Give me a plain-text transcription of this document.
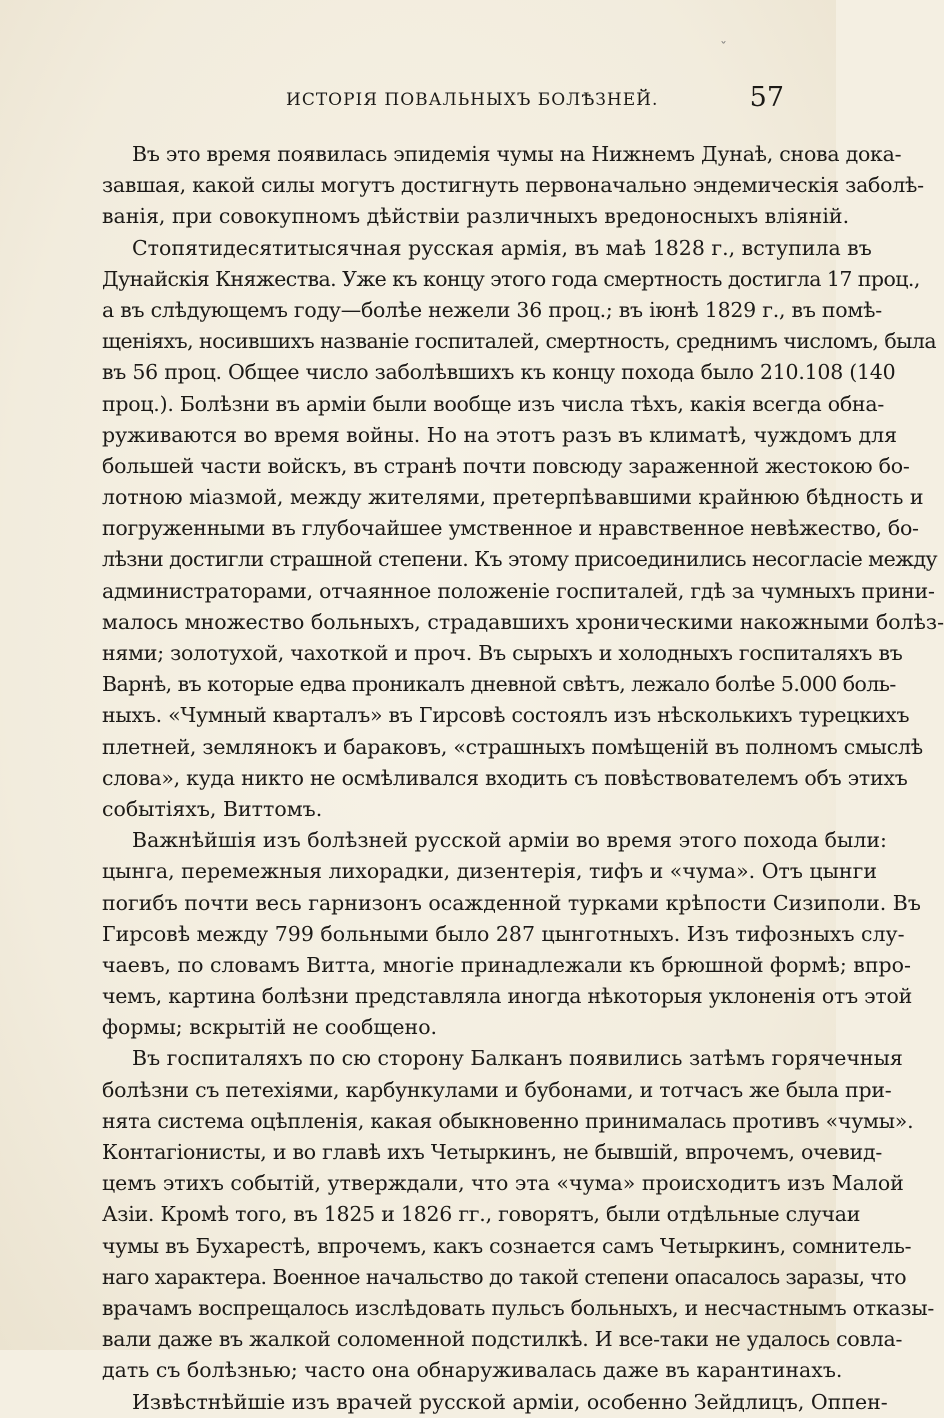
ИСТОРІЯ ПОВАЛЬНЫХЪ БОЛѢЗНЕЙ.	57
Въ это время появилась эпидемія чумы на Нижнемъ Дунаѣ, снова дока-
завшая, какой силы могутъ достигнуть первоначально эндемическія заболѣ-
ванія, при совокупномъ дѣйствіи различныхъ вредоносныхъ вліяній.
Стопятидесятитысячная русская армія, въ маѣ 1828 г., вступила въ
Дунайскія Княжества. Уже къ концу этого года смертность достигла 17 проц.,
а въ слѣдующемъ году—болѣе нежели 36 проц.; въ іюнѣ 1829 г., въ помѣ-
щеніяхъ, носившихъ названіе госпиталей, смертность, среднимъ числомъ, была
въ 56 проц. Общее число заболѣвшихъ къ концу похода было 210.108 (140
проц.). Болѣзни въ арміи были вообще изъ числа тѣхъ, какія всегда обна-
руживаются во время войны. Но на этотъ разъ въ климатѣ, чуждомъ для
большей части войскъ, въ странѣ почти повсюду зараженной жестокою бо-
лотною міазмой, между жителями, претерпѣвавшими крайнюю бѣдность и
погруженными въ глубочайшее умственное и нравственное невѣжество, бо-
лѣзни достигли страшной степени. Къ этому присоединились несогласіе между
администраторами, отчаянное положеніе госпиталей, гдѣ за чумныхъ прини-
малось множество больныхъ, страдавшихъ хроническими накожными болѣз-
нями; золотухой, чахоткой и проч. Въ сырыхъ и холодныхъ госпиталяхъ въ
Варнѣ, въ которые едва проникалъ дневной свѣтъ, лежало болѣе 5.000 боль-
ныхъ. «Чумный кварталъ» въ Гирсовѣ состоялъ изъ нѣсколькихъ турецкихъ
плетней, землянокъ и бараковъ, «страшныхъ помѣщеній въ полномъ смыслѣ
слова», куда никто не осмѣливался входить съ повѣствователемъ объ этихъ
событіяхъ, Виттомъ.
Важнѣйшія изъ болѣзней русской арміи во время этого похода были:
цынга, перемежныя лихорадки, дизентерія, тифъ и «чума». Отъ цынги
погибъ почти весь гарнизонъ осажденной турками крѣпости Сизиполи. Въ
Гирсовѣ между 799 больными было 287 цынготныхъ. Изъ тифозныхъ слу-
чаевъ, по словамъ Витта, многіе принадлежали къ брюшной формѣ; впро-
чемъ, картина болѣзни представляла иногда нѣкоторыя уклоненія отъ этой
формы; вскрытій не сообщено.
Въ госпиталяхъ по сю сторону Балканъ появились затѣмъ горячечныя
болѣзни съ петехіями, карбункулами и бубонами, и тотчасъ же была при-
нята система оцѣпленія, какая обыкновенно принималась противъ «чумы».
Контагіонисты, и во главѣ ихъ Четыркинъ, не бывшій, впрочемъ, очевид-
цемъ этихъ событій, утверждали, что эта «чума» происходитъ изъ Малой
Азіи. Кромѣ того, въ 1825 и 1826 гг., говорятъ, были отдѣльные случаи
чумы въ Бухарестѣ, впрочемъ, какъ сознается самъ Четыркинъ, сомнитель-
наго характера. Военное начальство до такой степени опасалось заразы, что
врачамъ воспрещалось изслѣдовать пульсъ больныхъ, и несчастнымъ отказы-
вали даже въ жалкой соломенной подстилкѣ. И все-таки не удалось совла-
дать съ болѣзнью; часто она обнаруживалась даже въ карантинахъ.
Извѣстнѣйшіе изъ врачей русской арміи, особенно Зейдлицъ, Оппен-
ˇ
